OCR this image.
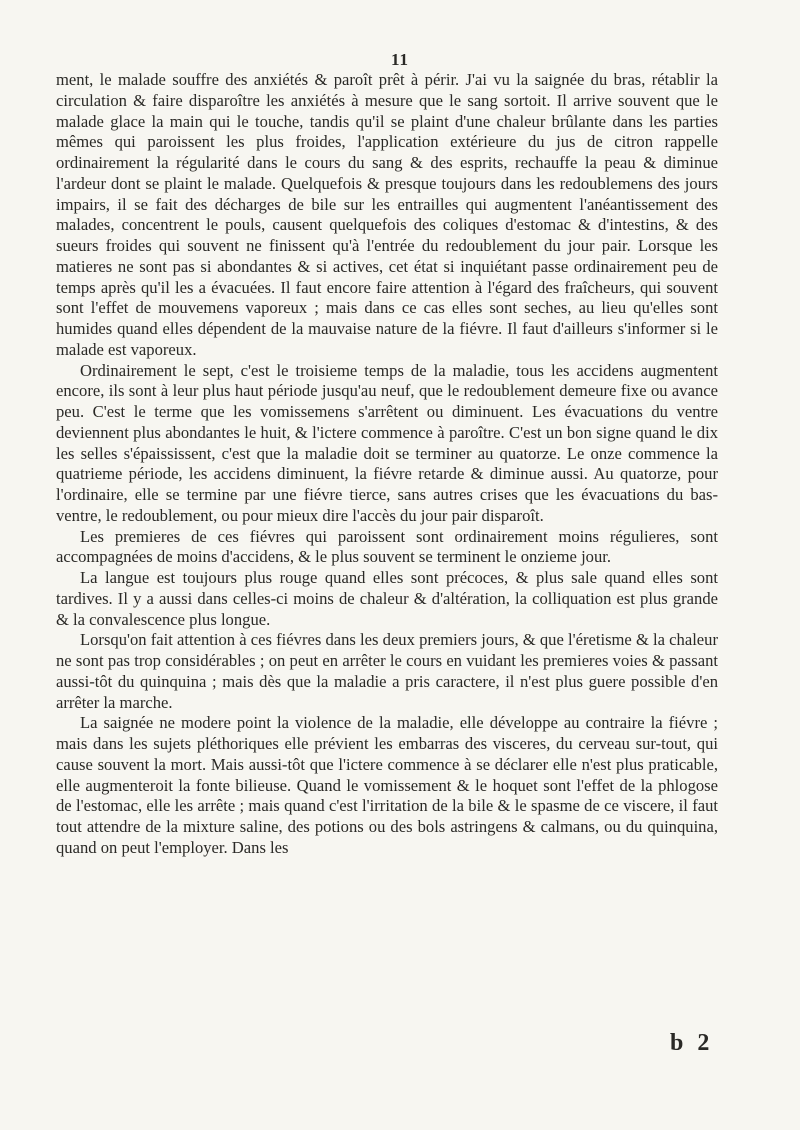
11

ment, le malade souffre des anxiétés & paroît prêt à périr. J'ai vu la saignée du bras, rétablir la circulation & faire disparoître les anxiétés à mesure que le sang sortoit. Il arrive souvent que le malade glace la main qui le touche, tandis qu'il se plaint d'une chaleur brûlante dans les parties mêmes qui paroissent les plus froides, l'application extérieure du jus de citron rappelle ordinairement la régularité dans le cours du sang & des esprits, rechauffe la peau & diminue l'ardeur dont se plaint le malade. Quelquefois & presque toujours dans les redoublemens des jours impairs, il se fait des décharges de bile sur les entrailles qui augmentent l'anéantissement des malades, concentrent le pouls, causent quelquefois des coliques d'estomac & d'intestins, & des sueurs froides qui souvent ne finissent qu'à l'entrée du redoublement du jour pair. Lorsque les matieres ne sont pas si abondantes & si actives, cet état si inquiétant passe ordinairement peu de temps après qu'il les a évacuées. Il faut encore faire attention à l'égard des fraîcheurs, qui souvent sont l'effet de mouvemens vaporeux ; mais dans ce cas elles sont seches, au lieu qu'elles sont humides quand elles dépendent de la mauvaise nature de la fiévre. Il faut d'ailleurs s'informer si le malade est vaporeux.

Ordinairement le sept, c'est le troisieme temps de la maladie, tous les accidens augmentent encore, ils sont à leur plus haut période jusqu'au neuf, que le redoublement demeure fixe ou avance peu. C'est le terme que les vomissemens s'arrêtent ou diminuent. Les évacuations du ventre deviennent plus abondantes le huit, & l'ictere commence à paroître. C'est un bon signe quand le dix les selles s'épaississent, c'est que la maladie doit se terminer au quatorze. Le onze commence la quatrieme période, les accidens diminuent, la fiévre retarde & diminue aussi. Au quatorze, pour l'ordinaire, elle se termine par une fiévre tierce, sans autres crises que les évacuations du bas-ventre, le redoublement, ou pour mieux dire l'accès du jour pair disparoît.

Les premieres de ces fiévres qui paroissent sont ordinairement moins régulieres, sont accompagnées de moins d'accidens, & le plus souvent se terminent le onzieme jour.

La langue est toujours plus rouge quand elles sont précoces, & plus sale quand elles sont tardives. Il y a aussi dans celles-ci moins de chaleur & d'altération, la colliquation est plus grande & la convalescence plus longue.

Lorsqu'on fait attention à ces fiévres dans les deux premiers jours, & que l'éretisme & la chaleur ne sont pas trop considérables ; on peut en arrêter le cours en vuidant les premieres voies & passant aussi-tôt du quinquina ; mais dès que la maladie a pris caractere, il n'est plus guere possible d'en arrêter la marche.

La saignée ne modere point la violence de la maladie, elle développe au contraire la fiévre ; mais dans les sujets pléthoriques elle prévient les embarras des visceres, du cerveau sur-tout, qui cause souvent la mort. Mais aussi-tôt que l'ictere commence à se déclarer elle n'est plus praticable, elle augmenteroit la fonte bilieuse. Quand le vomissement & le hoquet sont l'effet de la phlogose de l'estomac, elle les arrête ; mais quand c'est l'irritation de la bile & le spasme de ce viscere, il faut tout attendre de la mixture saline, des potions ou des bols astringens & calmans, ou du quinquina, quand on peut l'employer. Dans les

b 2
